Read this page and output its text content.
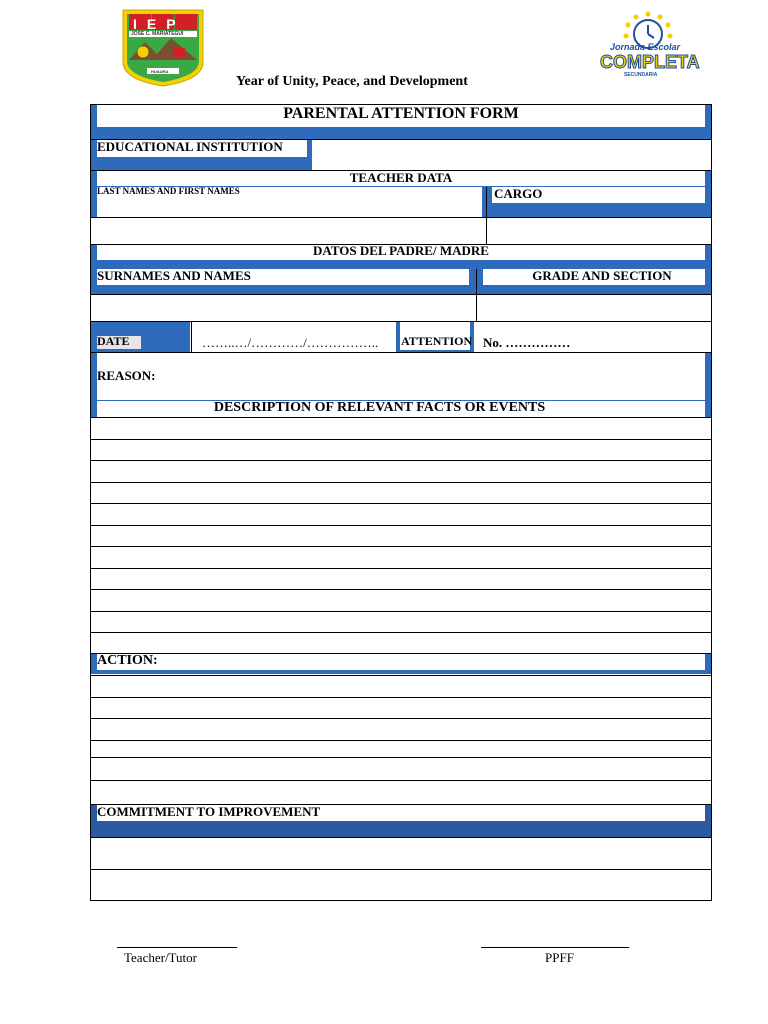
IEP
JOSE C. MARIATEGUI
HUAURA
Year of Unity, Peace, and Development
Jornada Escolar
COMPLETA
SECUNDARIA
PARENTAL ATTENTION FORM
EDUCATIONAL INSTITUTION
TEACHER DATA
LAST NAMES AND FIRST NAMES	CARGO
DATOS DEL PADRE/ MADRE
SURNAMES AND NAMES	GRADE AND SECTION
DATE	……..…/…………/…………….. ATTENTION No. ……………
REASON:
DESCRIPTION OF RELEVANT FACTS OR EVENTS
ACTION:
COMMITMENT TO IMPROVEMENT
Teacher/Tutor	PPFF
